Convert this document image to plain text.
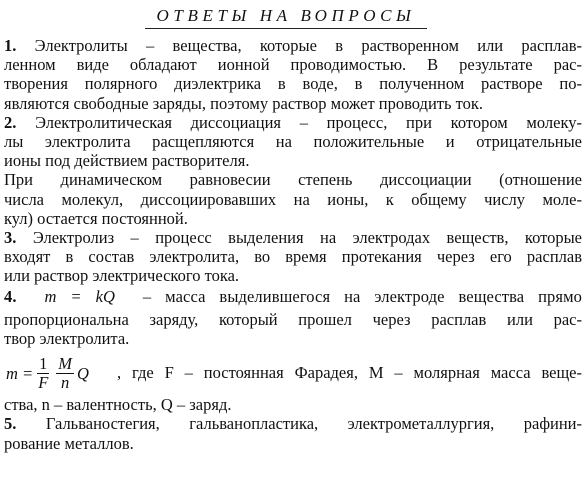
ОТВЕТЫ НА ВОПРОСЫ
1. Электролиты – вещества, которые в растворенном или расплав-
ленном виде обладают ионной проводимостью. В результате рас-
творения полярного диэлектрика в воде, в полученном растворе по-
являются свободные заряды, поэтому раствор может проводить ток.
2. Электролитическая диссоциация – процесс, при котором молеку-
лы электролита расщепляются на положительные и отрицательные
ионы под действием растворителя.
При динамическом равновесии степень диссоциации (отношение
числа молекул, диссоциировавших на ионы, к общему числу моле-
кул) остается постоянной.
3. Электролиз – процесс выделения на электродах веществ, которые
входят в состав электролита, во время протекания через его расплав
или раствор электрического тока.
4. m = kQ – масса выделившегося на электроде вещества прямо
пропорциональна заряду, который прошел через расплав или рас-
твор электролита.
$m = \frac{1}{F} \frac{M}{n}$ Q , где F – постоянная Фарадея, M – молярная масса веще-
ства, n – валентность, Q – заряд.
5. Гальваностегия, гальванопластика, электрометаллургия, рафини-
рование металлов.
